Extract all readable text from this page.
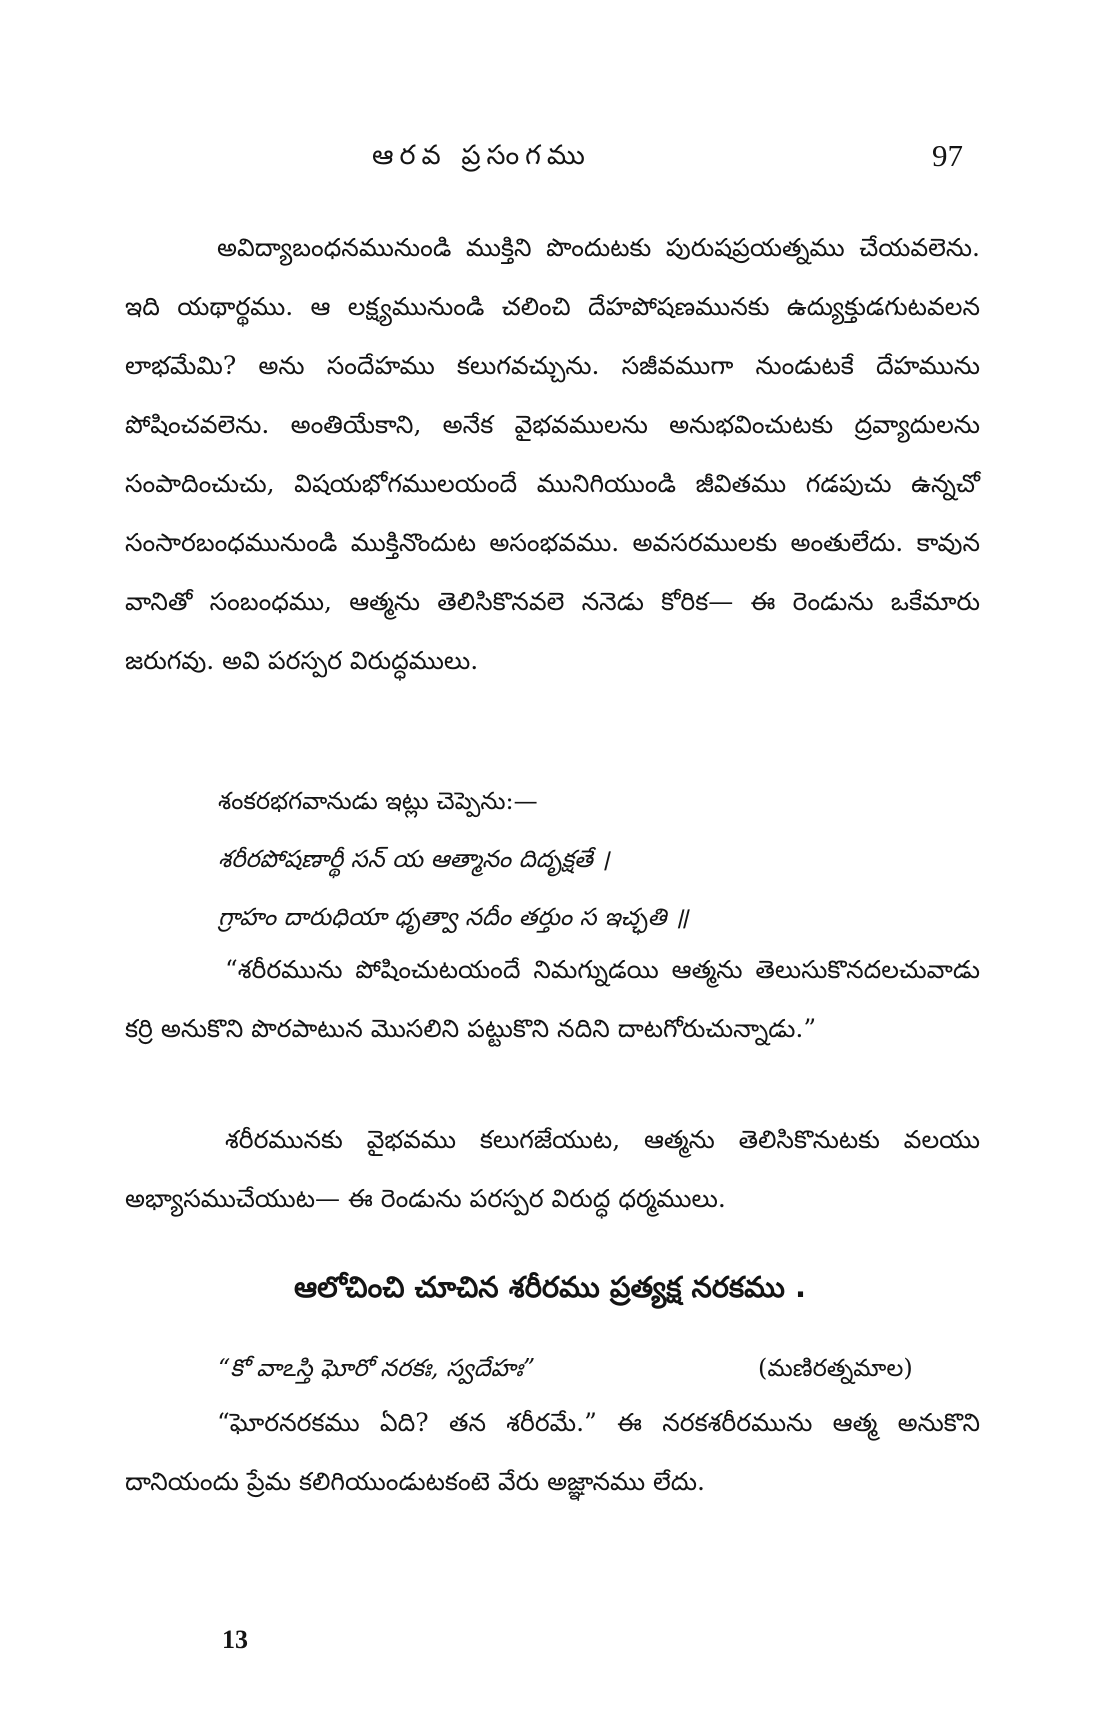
ఆరవ ప్రసంగము	97
అవిద్యాబంధనమునుండి ముక్తిని పొందుటకు పురుషప్రయత్నము చేయవలెను. ఇది యథార్థము. ఆ లక్ష్యమునుండి చలించి దేహపోషణమునకు ఉద్యుక్తుడగుటవలన లాభమేమి? అను సందేహము కలుగవచ్చును. సజీవముగా నుండుటకే దేహమును పోషించవలెను. అంతియేకాని, అనేక వైభవములను అనుభవించుటకు ద్రవ్యాదులను సంపాదించుచు, విషయభోగములయందే మునిగియుండి జీవితము గడపుచు ఉన్నచో సంసారబంధమునుండి ముక్తినొందుట అసంభవము. అవసరములకు అంతులేదు. కావున వానితో సంబంధము, ఆత్మను తెలిసికొనవలె ననెడు కోరిక— ఈ రెండును ఒకేమారు జరుగవు. అవి పరస్పర విరుద్ధములు.
శంకరభగవానుడు ఇట్లు చెప్పెను:—
శరీరపోషణార్థీ సన్ య ఆత్మానం దిదృక్షతే ।
గ్రాహం దారుధియా ధృత్వా నదీం తర్తుం స ఇచ్ఛతి ॥
“శరీరమును పోషించుటయందే నిమగ్నుడయి ఆత్మను తెలుసుకొనదలచువాడు కర్రి అనుకొని పొరపాటున మొసలిని పట్టుకొని నదిని దాటగోరుచున్నాడు.”
శరీరమునకు వైభవము కలుగజేయుట, ఆత్మను తెలిసికొనుటకు వలయు అభ్యాసముచేయుట— ఈ రెండును పరస్పర విరుద్ధ ధర్మములు.
ఆలోచించి చూచిన శరీరము ప్రత్యక్ష నరకము .
“కో వాఽస్తి ఘోరో నరకః, స్వదేహః”	(మణిరత్నమాల)
“ఘోరనరకము ఏది? తన శరీరమే.” ఈ నరకశరీరమును ఆత్మ అనుకొని దానియందు ప్రేమ కలిగియుండుటకంటె వేరు అజ్ఞానము లేదు.
13
